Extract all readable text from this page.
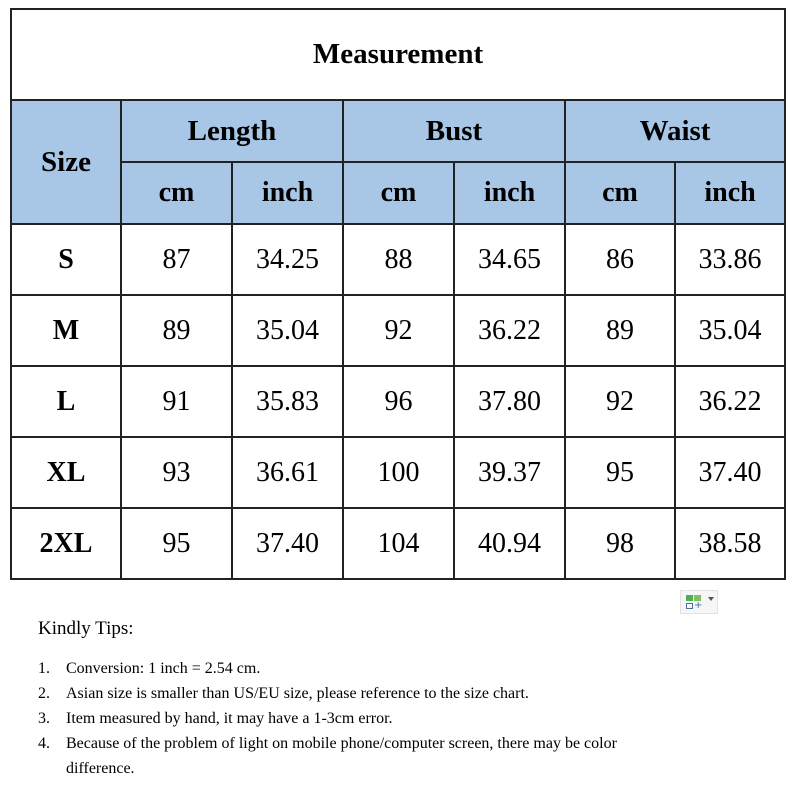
Measurement						
Size	Length		Bust		Waist	
	cm	inch	cm	inch	cm	inch
S	87	34.25	88	34.65	86	33.86
M	89	35.04	92	36.22	89	35.04
L	91	35.83	96	37.80	92	36.22
XL	93	36.61	100	39.37	95	37.40
2XL	95	37.40	104	40.94	98	38.58
+
Kindly Tips:
1.	Conversion: 1 inch = 2.54 cm.
2.	Asian size is smaller than US/EU size, please reference to the size chart.
3.	Item measured by hand, it may have a 1-3cm error.
4.	Because of the problem of light on mobile phone/computer screen, there may be color difference.
